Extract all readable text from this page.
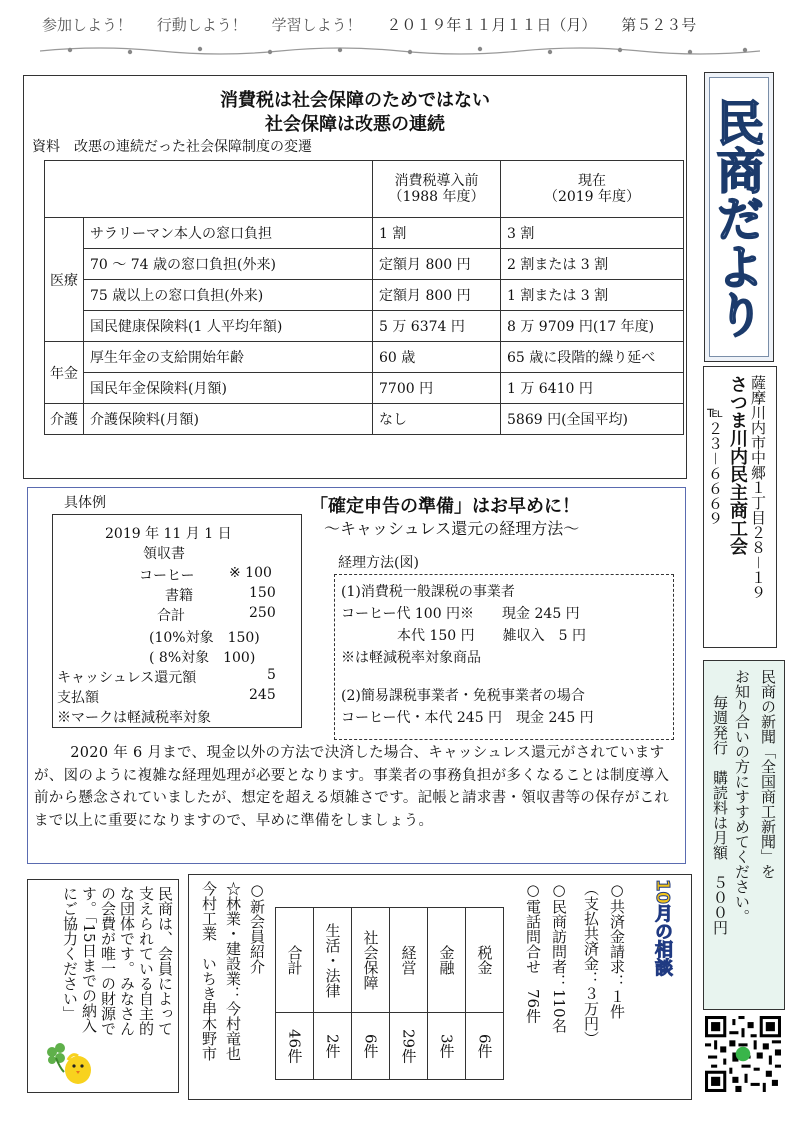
参加しよう！ 行動しよう！ 学習しよう！ ２０１９年１１月１１日（月） 第５２３号
消費税は社会保障のためではない
社会保障は改悪の連続
資料　改悪の連続だった社会保障制度の変遷
		消費税導入前
（1988 年度）	現在
（2019 年度）
医療	サラリーマン本人の窓口負担	1 割	3 割
	70 ～ 74 歳の窓口負担(外来)	定額月 800 円	2 割または 3 割
	75 歳以上の窓口負担(外来)	定額月 800 円	1 割または 3 割
	国民健康保険料(1 人平均年額)	5 万 6374 円	8 万 9709 円(17 年度)
年金	厚生年金の支給開始年齢	60 歳	65 歳に段階的繰り延べ
	国民年金保険料(月額)	7700 円	1 万 6410 円
介護	介護保険料(月額)	なし	5869 円(全国平均)
民商だより
薩摩川内市中郷１丁目２８－１９
さつま川内民主商工会
℡２３－６６６９
民商の新聞「全国商工新聞」を
お知り合いの方にすすめてください。
毎週発行　購読料は月額　５００円
具体例
2019 年 11 月 1 日
領収書
コーヒー ※ 100
書籍	150
合計	250
(10%対象　150)
( 8%対象　100)
キャッシュレス還元額	5
支払額	245
※マークは軽減税率対象
「確定申告の準備」はお早めに！
～キャッシュレス還元の経理方法～
経理方法(図)
(1)消費税一般課税の事業者
コーヒー代 100 円※　　現金 245 円
本代 150 円　　雑収入　5 円
※は軽減税率対象商品
(2)簡易課税事業者・免税事業者の場合
コーヒー代・本代 245 円　現金 245 円
2020 年 6 月まで、現金以外の方法で決済した場合、キャッシュレス還元がされていますが、図のように複雑な経理処理が必要となります。事業者の事務負担が多くなることは制度導入前から懸念されていましたが、想定を超える煩雑さです。記帳と請求書・領収書等の保存がこれまで以上に重要になりますので、早めに準備をしましょう。
民商は、会員によって支えられている自主的な団体です。みなさんの会費が唯一の財源です。「15日までの納入にご協力ください」	10月の相談
○共済金請求：１件
（支払共済金：３万円）
○民商訪問者：110名
○電話問合せ　76件
合計	生活・法律	社会保障	経営	金融	税金

46件	2件	6件	29件	3件	6件
○新会員紹介
☆林業・建設業：今村竜也
今村工業　いちき串木野市
